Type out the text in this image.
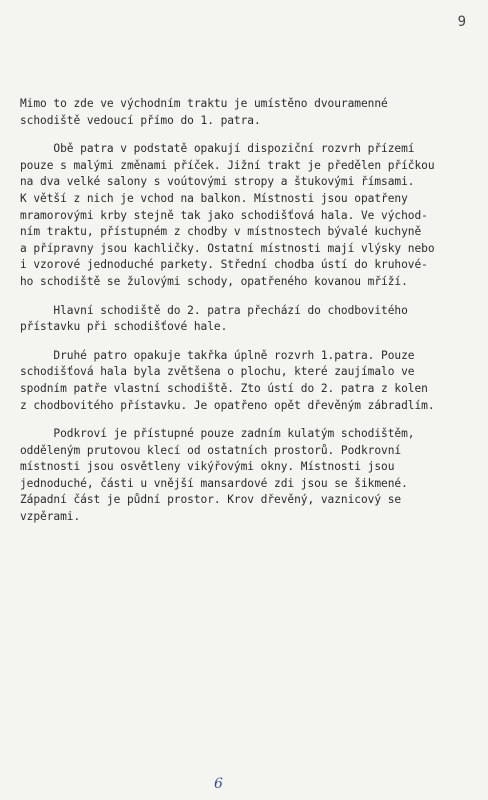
9

Mimo to zde ve východním traktu je umístěno dvouramenné
schodiště vedoucí přímo do 1. patra.

Obě patra v podstatě opakují dispoziční rozvrh přízemí
pouze s malými změnami příček. Jižní trakt je předělen příčkou
na dva velké salony s voútovými stropy a štukovými římsami.
K větší z nich je vchod na balkon. Místnosti jsou opatřeny
mramorovými krby stejně tak jako schodišťová hala. Ve východ-
ním traktu, přístupném z chodby v místnostech bývalé kuchyně
a přípravny jsou kachličky. Ostatní místnosti mají vlýsky nebo
i vzorové jednoduché parkety. Střední chodba ústí do kruhové-
ho schodiště se žulovými schody, opatřeného kovanou mříží.

Hlavní schodiště do 2. patra přechází do chodbovitého
přístavku při schodišťové hale.

Druhé patro opakuje takřka úplně rozvrh 1.patra. Pouze
schodišťová hala byla zvětšena o plochu, které zaujímalo ve
spodním patře vlastní schodiště. Zto ústí do 2. patra z kolen
z chodbovitého přístavku. Je opatřeno opět dřevěným zábradlím.

Podkroví je přístupné pouze zadním kulatým schodištěm,
odděleným prutovou klecí od ostatních prostorů. Podkrovní
místnosti jsou osvětleny vikýřovými okny. Místnosti jsou
jednoduché, části u vnější mansardové zdi jsou se šikmené.
Západní část je půdní prostor. Krov dřevěný, vaznicový se
vzpěrami.

6
